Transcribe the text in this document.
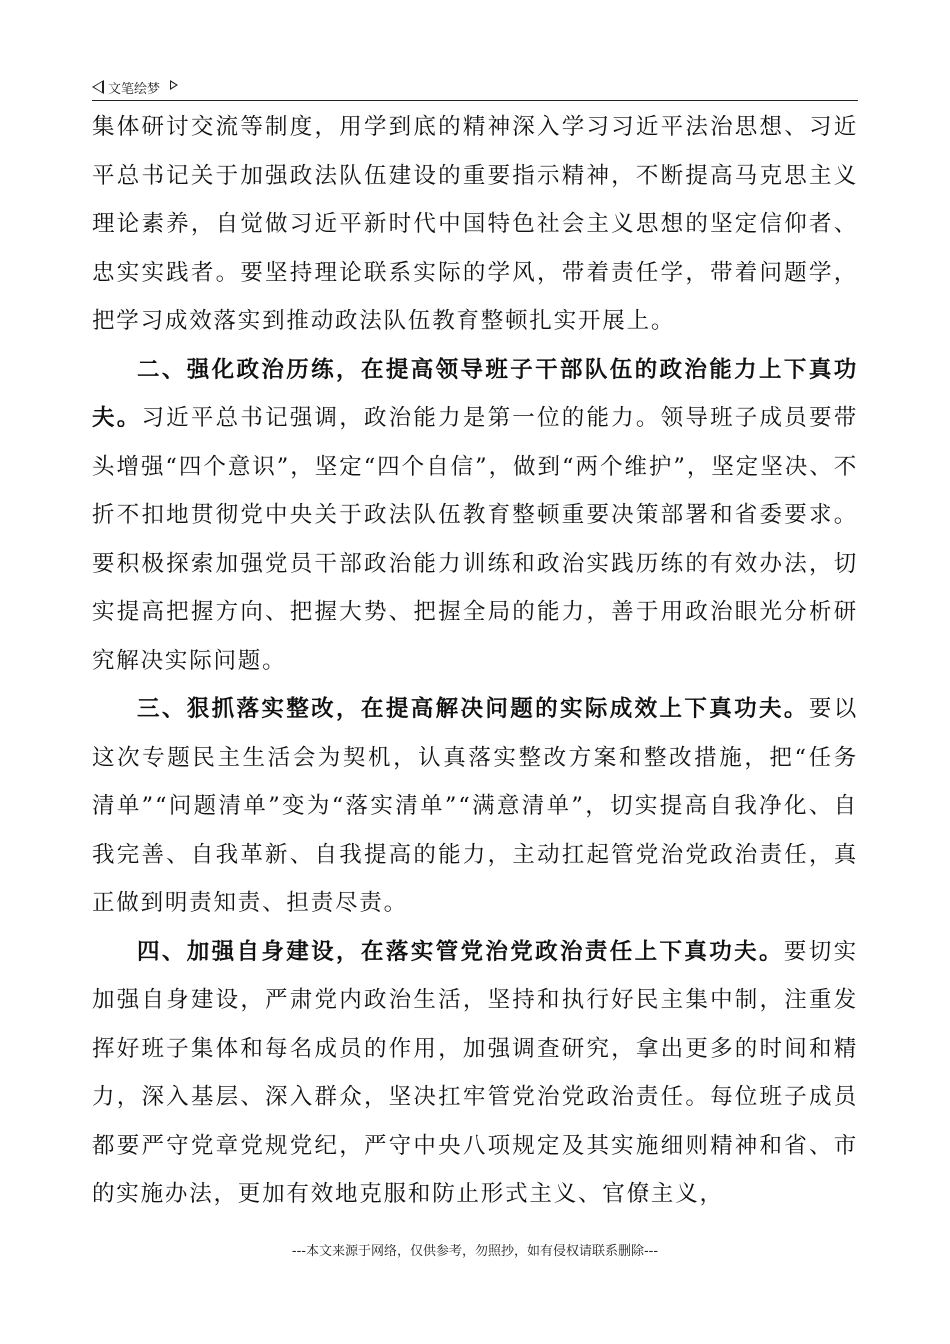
文笔绘梦

集体研讨交流等制度，用学到底的精神深入学习习近平法治思想、习近平总书记关于加强政法队伍建设的重要指示精神，不断提高马克思主义理论素养，自觉做习近平新时代中国特色社会主义思想的坚定信仰者、忠实实践者。要坚持理论联系实际的学风，带着责任学，带着问题学，把学习成效落实到推动政法队伍教育整顿扎实开展上。

二、强化政治历练，在提高领导班子干部队伍的政治能力上下真功夫。习近平总书记强调，政治能力是第一位的能力。领导班子成员要带头增强“四个意识”，坚定“四个自信”，做到“两个维护”，坚定坚决、不折不扣地贯彻党中央关于政法队伍教育整顿重要决策部署和省委要求。要积极探索加强党员干部政治能力训练和政治实践历练的有效办法，切实提高把握方向、把握大势、把握全局的能力，善于用政治眼光分析研究解决实际问题。

三、狠抓落实整改，在提高解决问题的实际成效上下真功夫。要以这次专题民主生活会为契机，认真落实整改方案和整改措施，把“任务清单”“问题清单”变为“落实清单”“满意清单”，切实提高自我净化、自我完善、自我革新、自我提高的能力，主动扛起管党治党政治责任，真正做到明责知责、担责尽责。

四、加强自身建设，在落实管党治党政治责任上下真功夫。要切实加强自身建设，严肃党内政治生活，坚持和执行好民主集中制，注重发挥好班子集体和每名成员的作用，加强调查研究，拿出更多的时间和精力，深入基层、深入群众，坚决扛牢管党治党政治责任。每位班子成员都要严守党章党规党纪，严守中央八项规定及其实施细则精神和省、市的实施办法，更加有效地克服和防止形式主义、官僚主义，

---本文来源于网络，仅供参考，勿照抄，如有侵权请联系删除---
